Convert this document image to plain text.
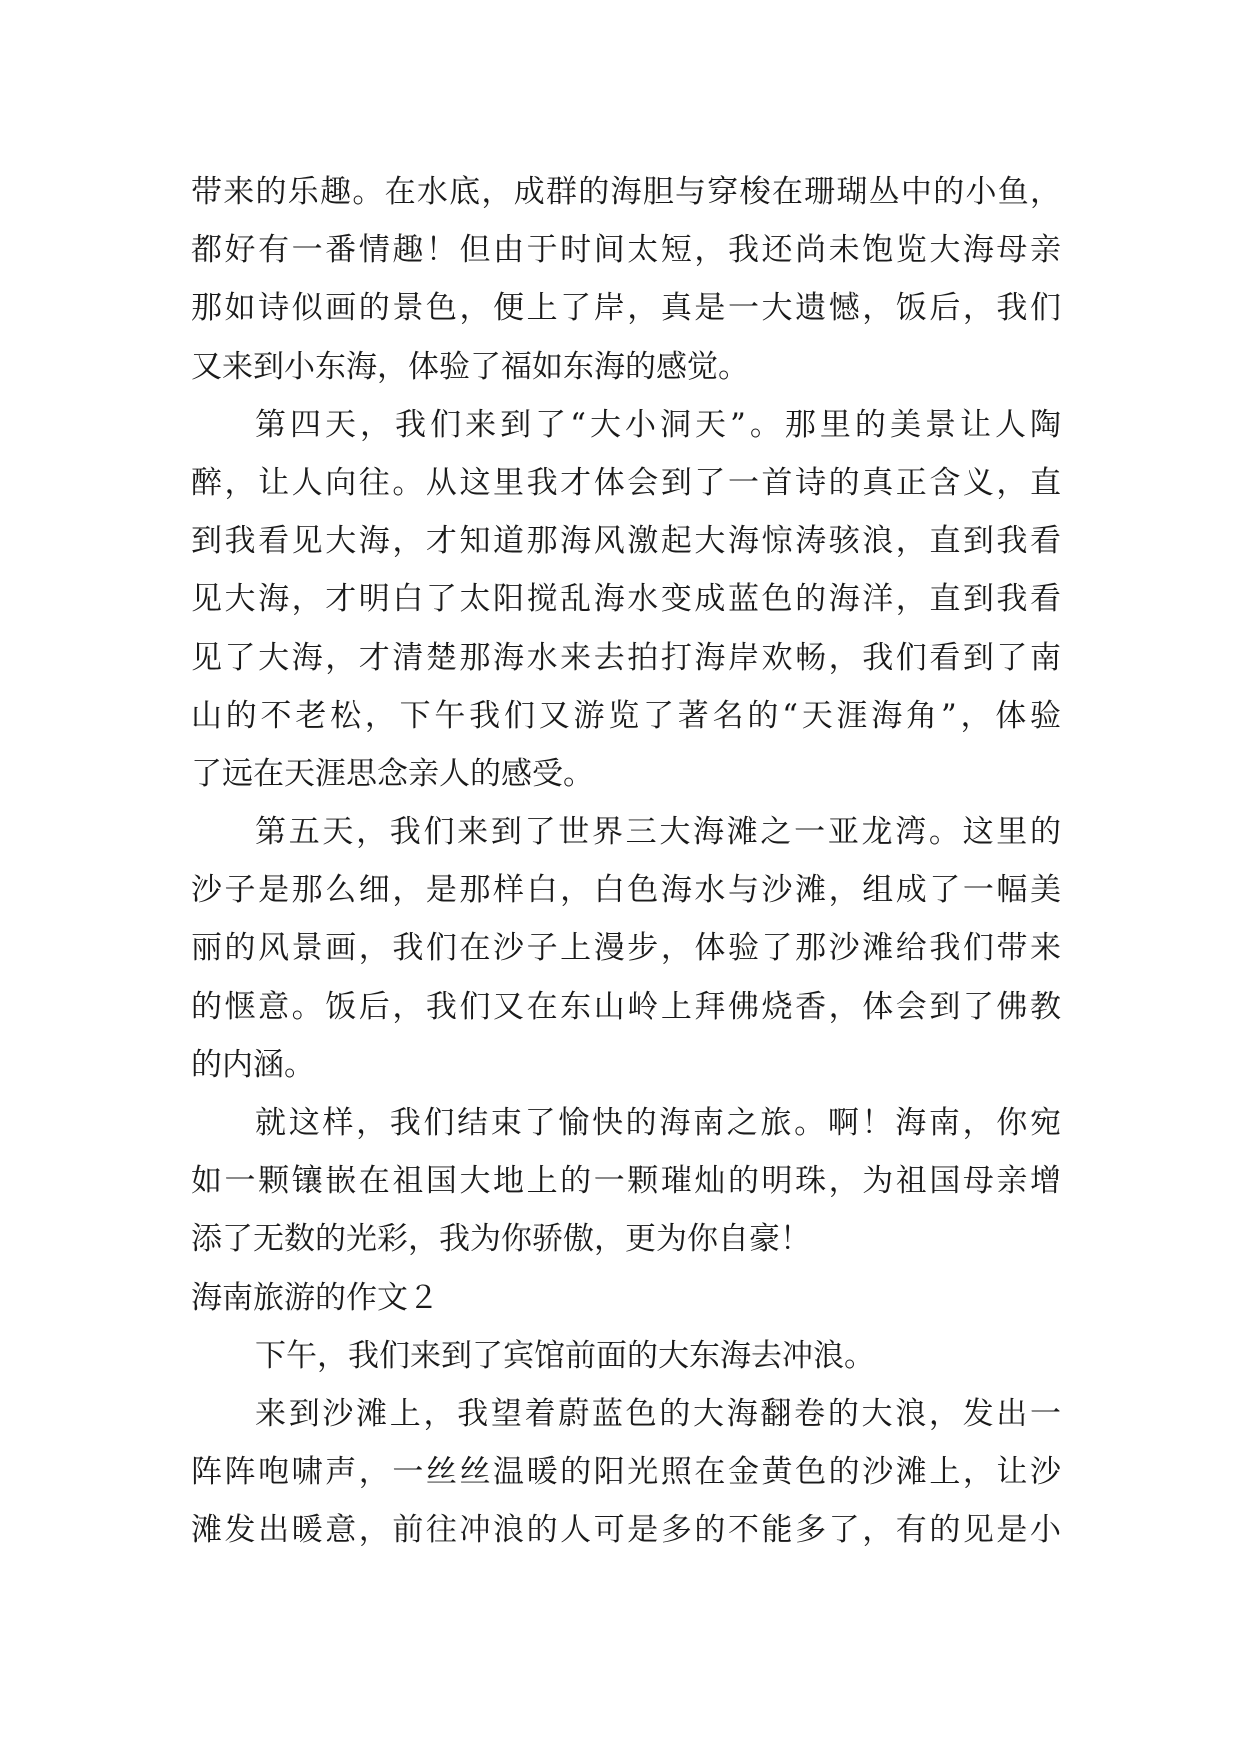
带来的乐趣。在水底，成群的海胆与穿梭在珊瑚丛中的小鱼，
都好有一番情趣！但由于时间太短，我还尚未饱览大海母亲
那如诗似画的景色，便上了岸，真是一大遗憾，饭后，我们
又来到小东海，体验了福如东海的感觉。
第四天，我们来到了“大小洞天”。那里的美景让人陶
醉，让人向往。从这里我才体会到了一首诗的真正含义，直
到我看见大海，才知道那海风激起大海惊涛骇浪，直到我看
见大海，才明白了太阳搅乱海水变成蓝色的海洋，直到我看
见了大海，才清楚那海水来去拍打海岸欢畅，我们看到了南
山的不老松，下午我们又游览了著名的“天涯海角”，体验
了远在天涯思念亲人的感受。
第五天，我们来到了世界三大海滩之一亚龙湾。这里的
沙子是那么细，是那样白，白色海水与沙滩，组成了一幅美
丽的风景画，我们在沙子上漫步，体验了那沙滩给我们带来
的惬意。饭后，我们又在东山岭上拜佛烧香，体会到了佛教
的内涵。
就这样，我们结束了愉快的海南之旅。啊！海南，你宛
如一颗镶嵌在祖国大地上的一颗璀灿的明珠，为祖国母亲增
添了无数的光彩，我为你骄傲，更为你自豪！
海南旅游的作文２
下午，我们来到了宾馆前面的大东海去冲浪。
来到沙滩上，我望着蔚蓝色的大海翻卷的大浪，发出一
阵阵咆啸声，一丝丝温暖的阳光照在金黄色的沙滩上，让沙
滩发出暖意，前往冲浪的人可是多的不能多了，有的见是小
